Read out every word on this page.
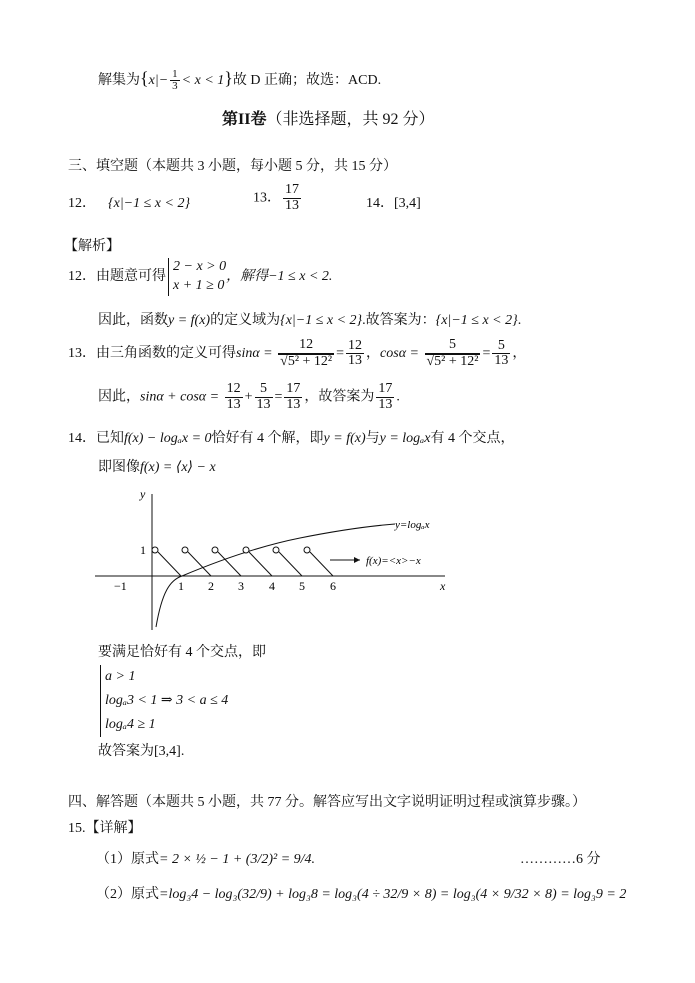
解集为$\{x|- \frac{1}{3} < x < 1\}$故 D 正确；故选：ACD.
第II卷（非选择题，共 92 分）
三、填空题（本题共 3 小题，每小题 5 分，共 15 分）
12． {x|−1 ≤ x < 2}	13． $\frac{17}{13}$	14．[3,4]
【解析】
12．由题意可得
2 − x > 0
x + 1 ≥ 0
，解得−1 ≤ x < 2.
因此，函数y = f(x)的定义域为{x|−1 ≤ x < 2}.故答案为：{x|−1 ≤ x < 2}.
13．由三角函数的定义可得$\sin\alpha = \frac{12}{\text{√5² + 12²}} = \frac{12}{13}$ ，$\cos\alpha = \frac{5}{\text{√5² + 12²}} = \frac{5}{13}$ ，
因此，$\sin\alpha + \cos\alpha = \frac{12}{13} + \frac{5}{13} = \frac{17}{13}$ ，故答案为 $\frac{17}{13}$ .
14．已知f(x) − logₐx = 0恰好有 4 个解，即y = f(x)与y = logₐx有 4 个交点，
即图像f(x) = ⟨x⟩ − x
y
x
1
−1	1 2 3 4 5 6
y=logₐx
f(x)=<x>−x
要满足恰好有 4 个交点，即
a > 1
logₐ3 < 1 ⇒ 3 < a ≤ 4
logₐ4 ≥ 1
故答案为[3,4].
四、解答题（本题共 5 小题，共 77 分。解答应写出文字说明证明过程或演算步骤。）
15.【详解】
（1）原式= 2 × ½ − 1 + (3/2)² = 9/4.	…………6 分
（2）原式=log₃4 − log₃(32/9) + log₃8 = log₃(4 ÷ 32/9 × 8) = log₃(4 × 9/32 × 8) = log₃9 = 2
